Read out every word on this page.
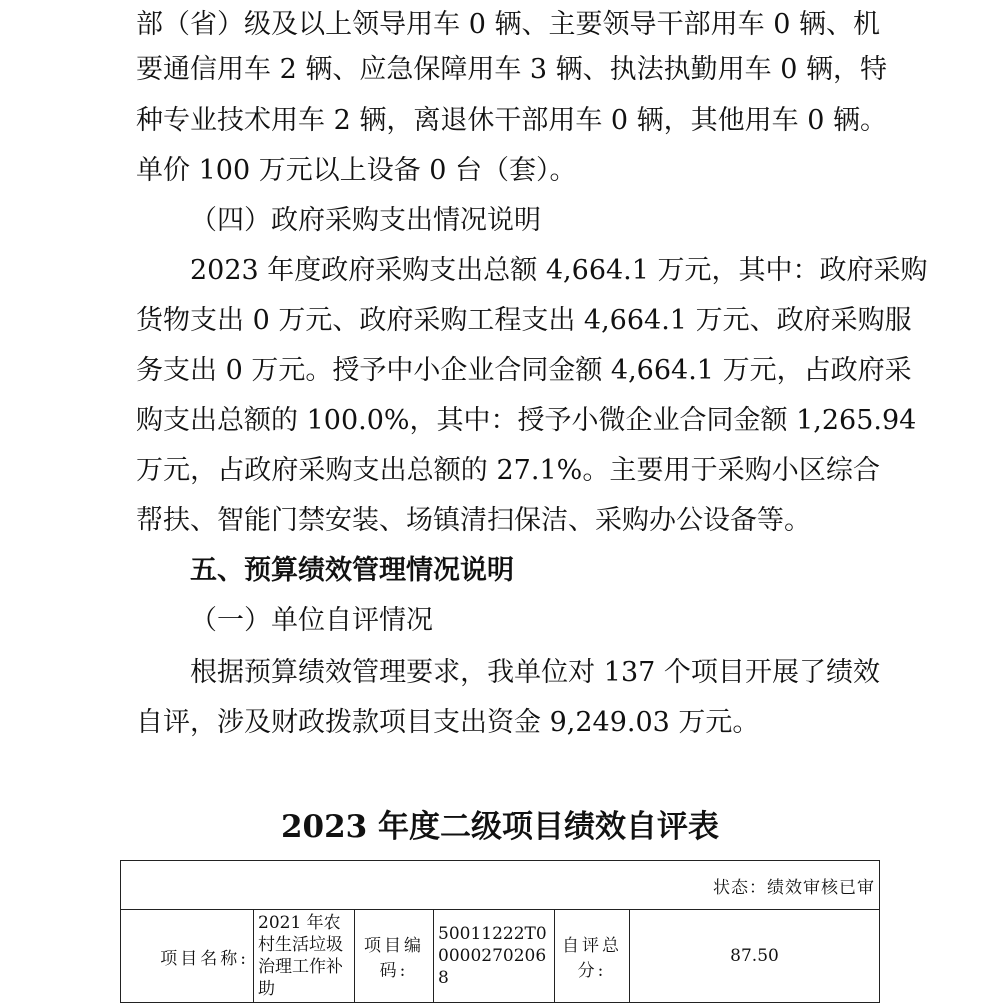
部（省）级及以上领导用车 0 辆、主要领导干部用车 0 辆、机
要通信用车 2 辆、应急保障用车 3 辆、执法执勤用车 0 辆，特
种专业技术用车 2 辆，离退休干部用车 0 辆，其他用车 0 辆。
单价 100 万元以上设备 0 台（套）。
（四）政府采购支出情况说明
2023 年度政府采购支出总额 4,664.1 万元，其中：政府采购
货物支出 0 万元、政府采购工程支出 4,664.1 万元、政府采购服
务支出 0 万元。授予中小企业合同金额 4,664.1 万元，占政府采
购支出总额的 100.0%，其中：授予小微企业合同金额 1,265.94
万元，占政府采购支出总额的 27.1%。主要用于采购小区综合
帮扶、智能门禁安装、场镇清扫保洁、采购办公设备等。
五、预算绩效管理情况说明
（一）单位自评情况
根据预算绩效管理要求，我单位对 137 个项目开展了绩效
自评，涉及财政拨款项目支出资金 9,249.03 万元。
2023 年度二级项目绩效自评表
状态：绩效审核已审
项目名称:	2021 年农村生活垃圾治理工作补助	项目编码:	500112​22T000002702068	自评总分:	87.50
